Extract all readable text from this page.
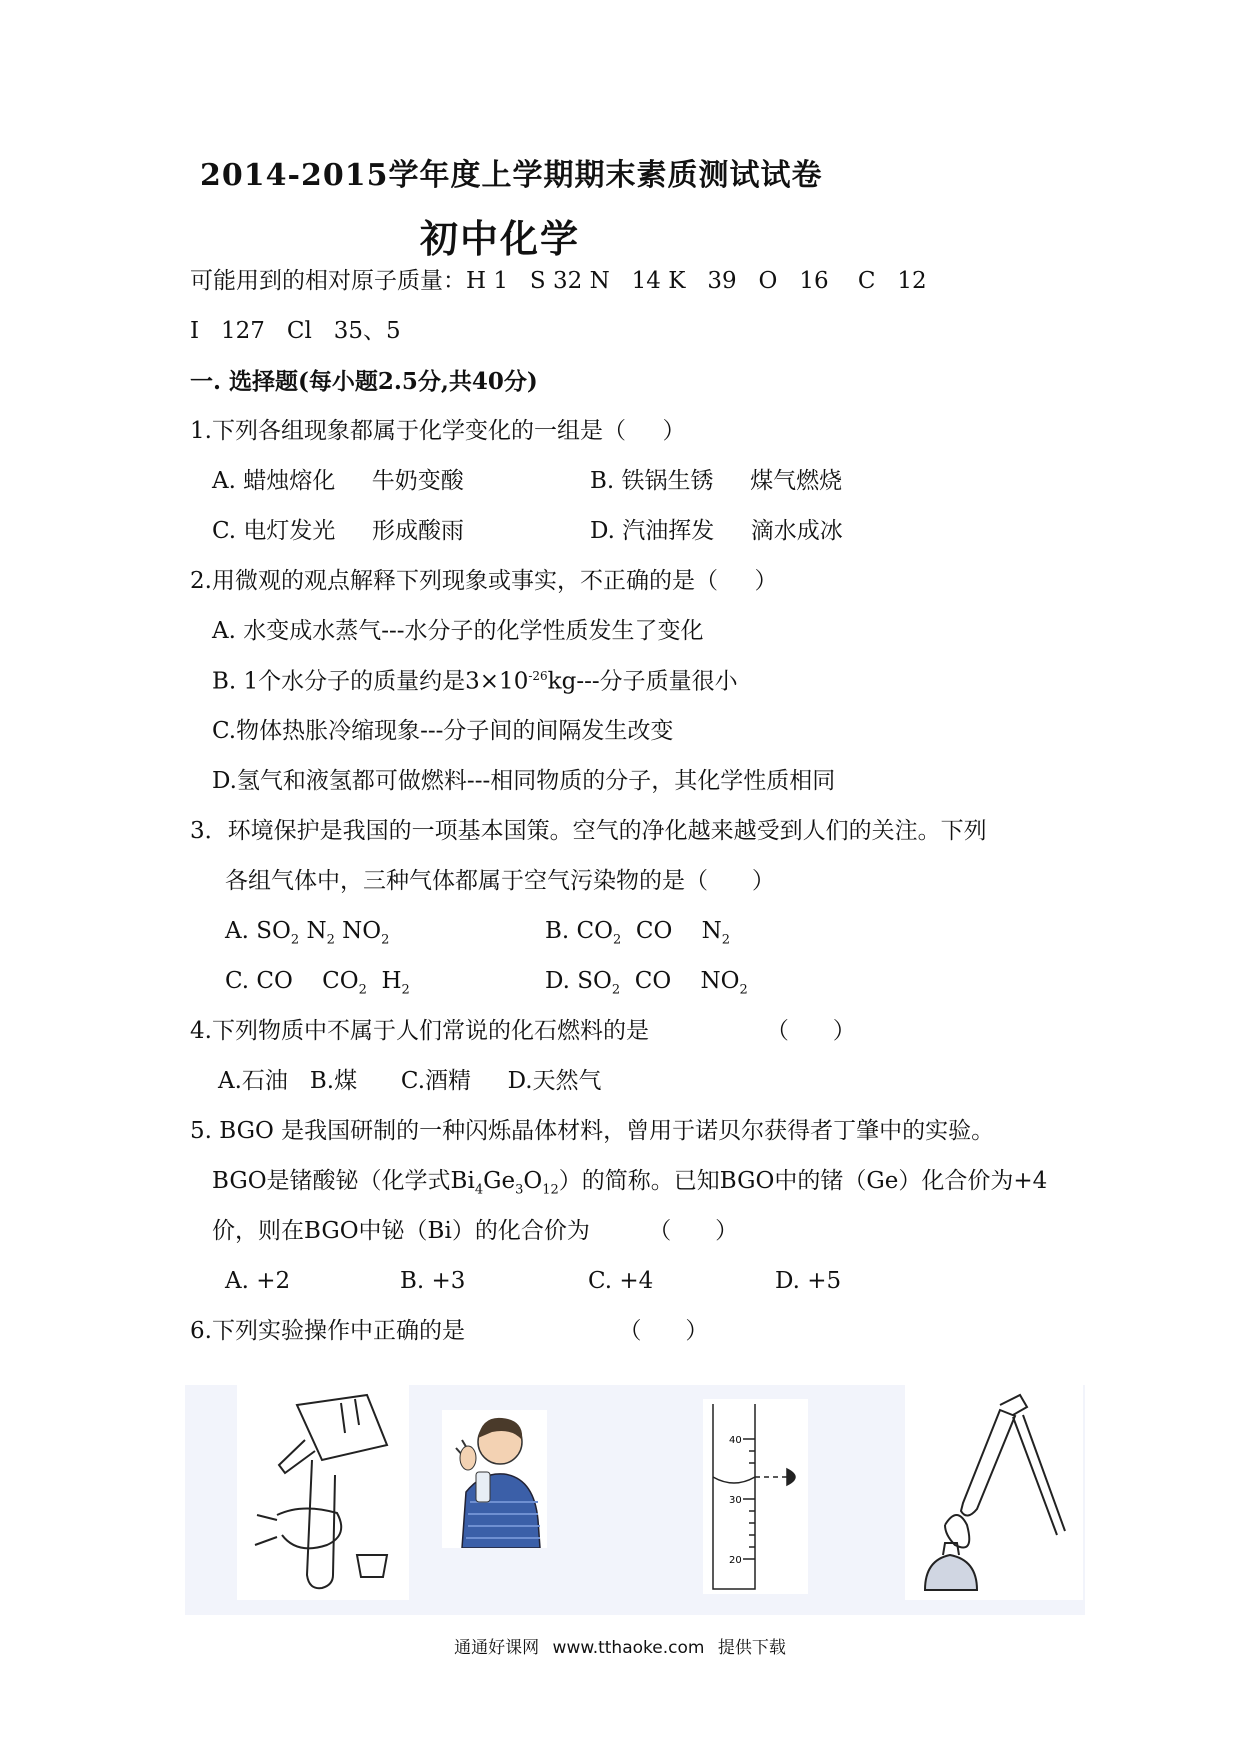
2014-2015学年度上学期期末素质测试试卷
初中化学
可能用到的相对原子质量：H 1   S 32 N   14 K   39   O   16    C   12
I   127   Cl   35、5
一. 选择题(每小题2.5分,共40分)
1.下列各组现象都属于化学变化的一组是（     ）
A. 蜡烛熔化     牛奶变酸	B. 铁锅生锈     煤气燃烧
C. 电灯发光     形成酸雨	D. 汽油挥发     滴水成冰
2.用微观的观点解释下列现象或事实，不正确的是（     ）
A. 水变成水蒸气---水分子的化学性质发生了变化
B. 1个水分子的质量约是$3\times 10^{-26}kg---$分子质量很小
C.物体热胀冷缩现象---分子间的间隔发生改变
D.氢气和液氢都可做燃料---相同物质的分子，其化学性质相同
3．环境保护是我国的一项基本国策。空气的净化越来越受到人们的关注。下列
各组气体中，三种气体都属于空气污染物的是（      ）
A. $SO_2$ $N_2$ $NO_2$	B. $CO_2$  CO    $N_2$
C. CO    $CO_2$  $H_2$	D. $SO_2$  CO    $NO_2$
4.下列物质中不属于人们常说的化石燃料的是                （      ）
A.石油   B.煤      C.酒精     D.天然气
5. BGO 是我国研制的一种闪烁晶体材料，曾用于诺贝尔获得者丁肇中的实验。
BGO是锗酸铋（化学式$Bi_4Ge_3O_{12}$）的简称。已知BGO中的锗（Ge）化合价为+4
价，则在BGO中铋（Bi）的化合价为        （      ）
A. +2	B. +3	C. +4	D. +5
6.下列实验操作中正确的是                     （      ）
40
30
20
通通好课网 www.tthaoke.com 提供下载
